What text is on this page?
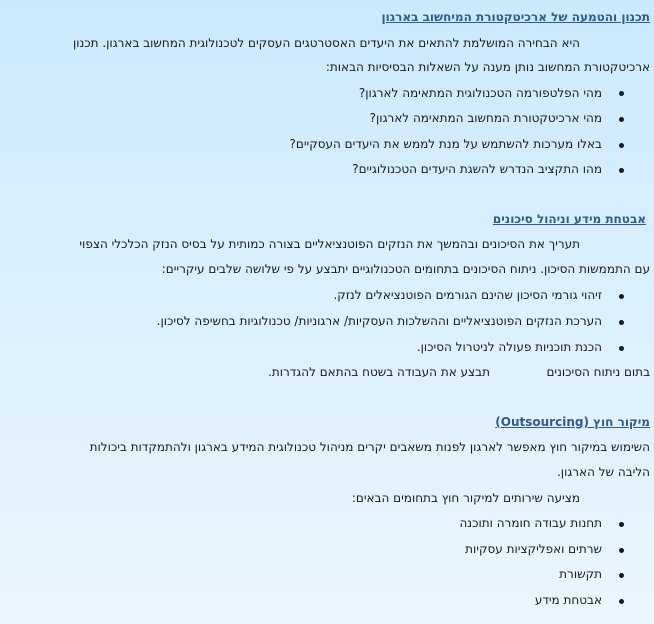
תכנון והטמעה של ארכיטקטורת המיחשוב בארגון
היא הבחירה המושלמת להתאים את היעדים האסטרטגים העסקים לטכנולוגית המחשוב בארגון. תכנון
ארכיטקטורת המחשוב נותן מענה על השאלות הבסיסיות הבאות:
מהי הפלטפורמה הטכנולוגית המתאימה לארגון?
מהי ארכיטקטורת המחשוב המתאימה לארגון?
באלו מערכות להשתמש על מנת לממש את היעדים העסקיים?
מהו התקציב הנדרש להשגת היעדים הטכנולוגיים?
אבטחת מידע וניהול סיכונים
תעריך את הסיכונים ובהמשך את הנזקים הפוטנציאליים בצורה כמותית על בסיס הנזק הכלכלי הצפוי
עם התממשות הסיכון. ניתוח הסיכונים בתחומים הטכנולוגיים יתבצע על פי שלושה שלבים עיקריים:
זיהוי גורמי הסיכון שהינם הגורמים הפוטנציאלים לנזק.
הערכת הנזקים הפוטנציאליים וההשלכות העסקיות/ ארגוניות/ טכנולוגיות בחשיפה לסיכון.
הכנת תוכניות פעולה לניטרול הסיכון.
בתום ניתוח הסיכונים
תבצע את העבודה בשטח בהתאם להגדרות.
מיקור חוץ (Outsourcing)
השימוש במיקור חוץ מאפשר לארגון לפנות משאבים יקרים מניהול טכנולוגית המידע בארגון ולהתמקדות ביכולות
הליבה של הארגון.
מציעה שירותים למיקור חוץ בתחומים הבאים:
תחנות עבודה חומרה ותוכנה
שרתים ואפליקציות עסקיות
תקשורת
אבטחת מידע
